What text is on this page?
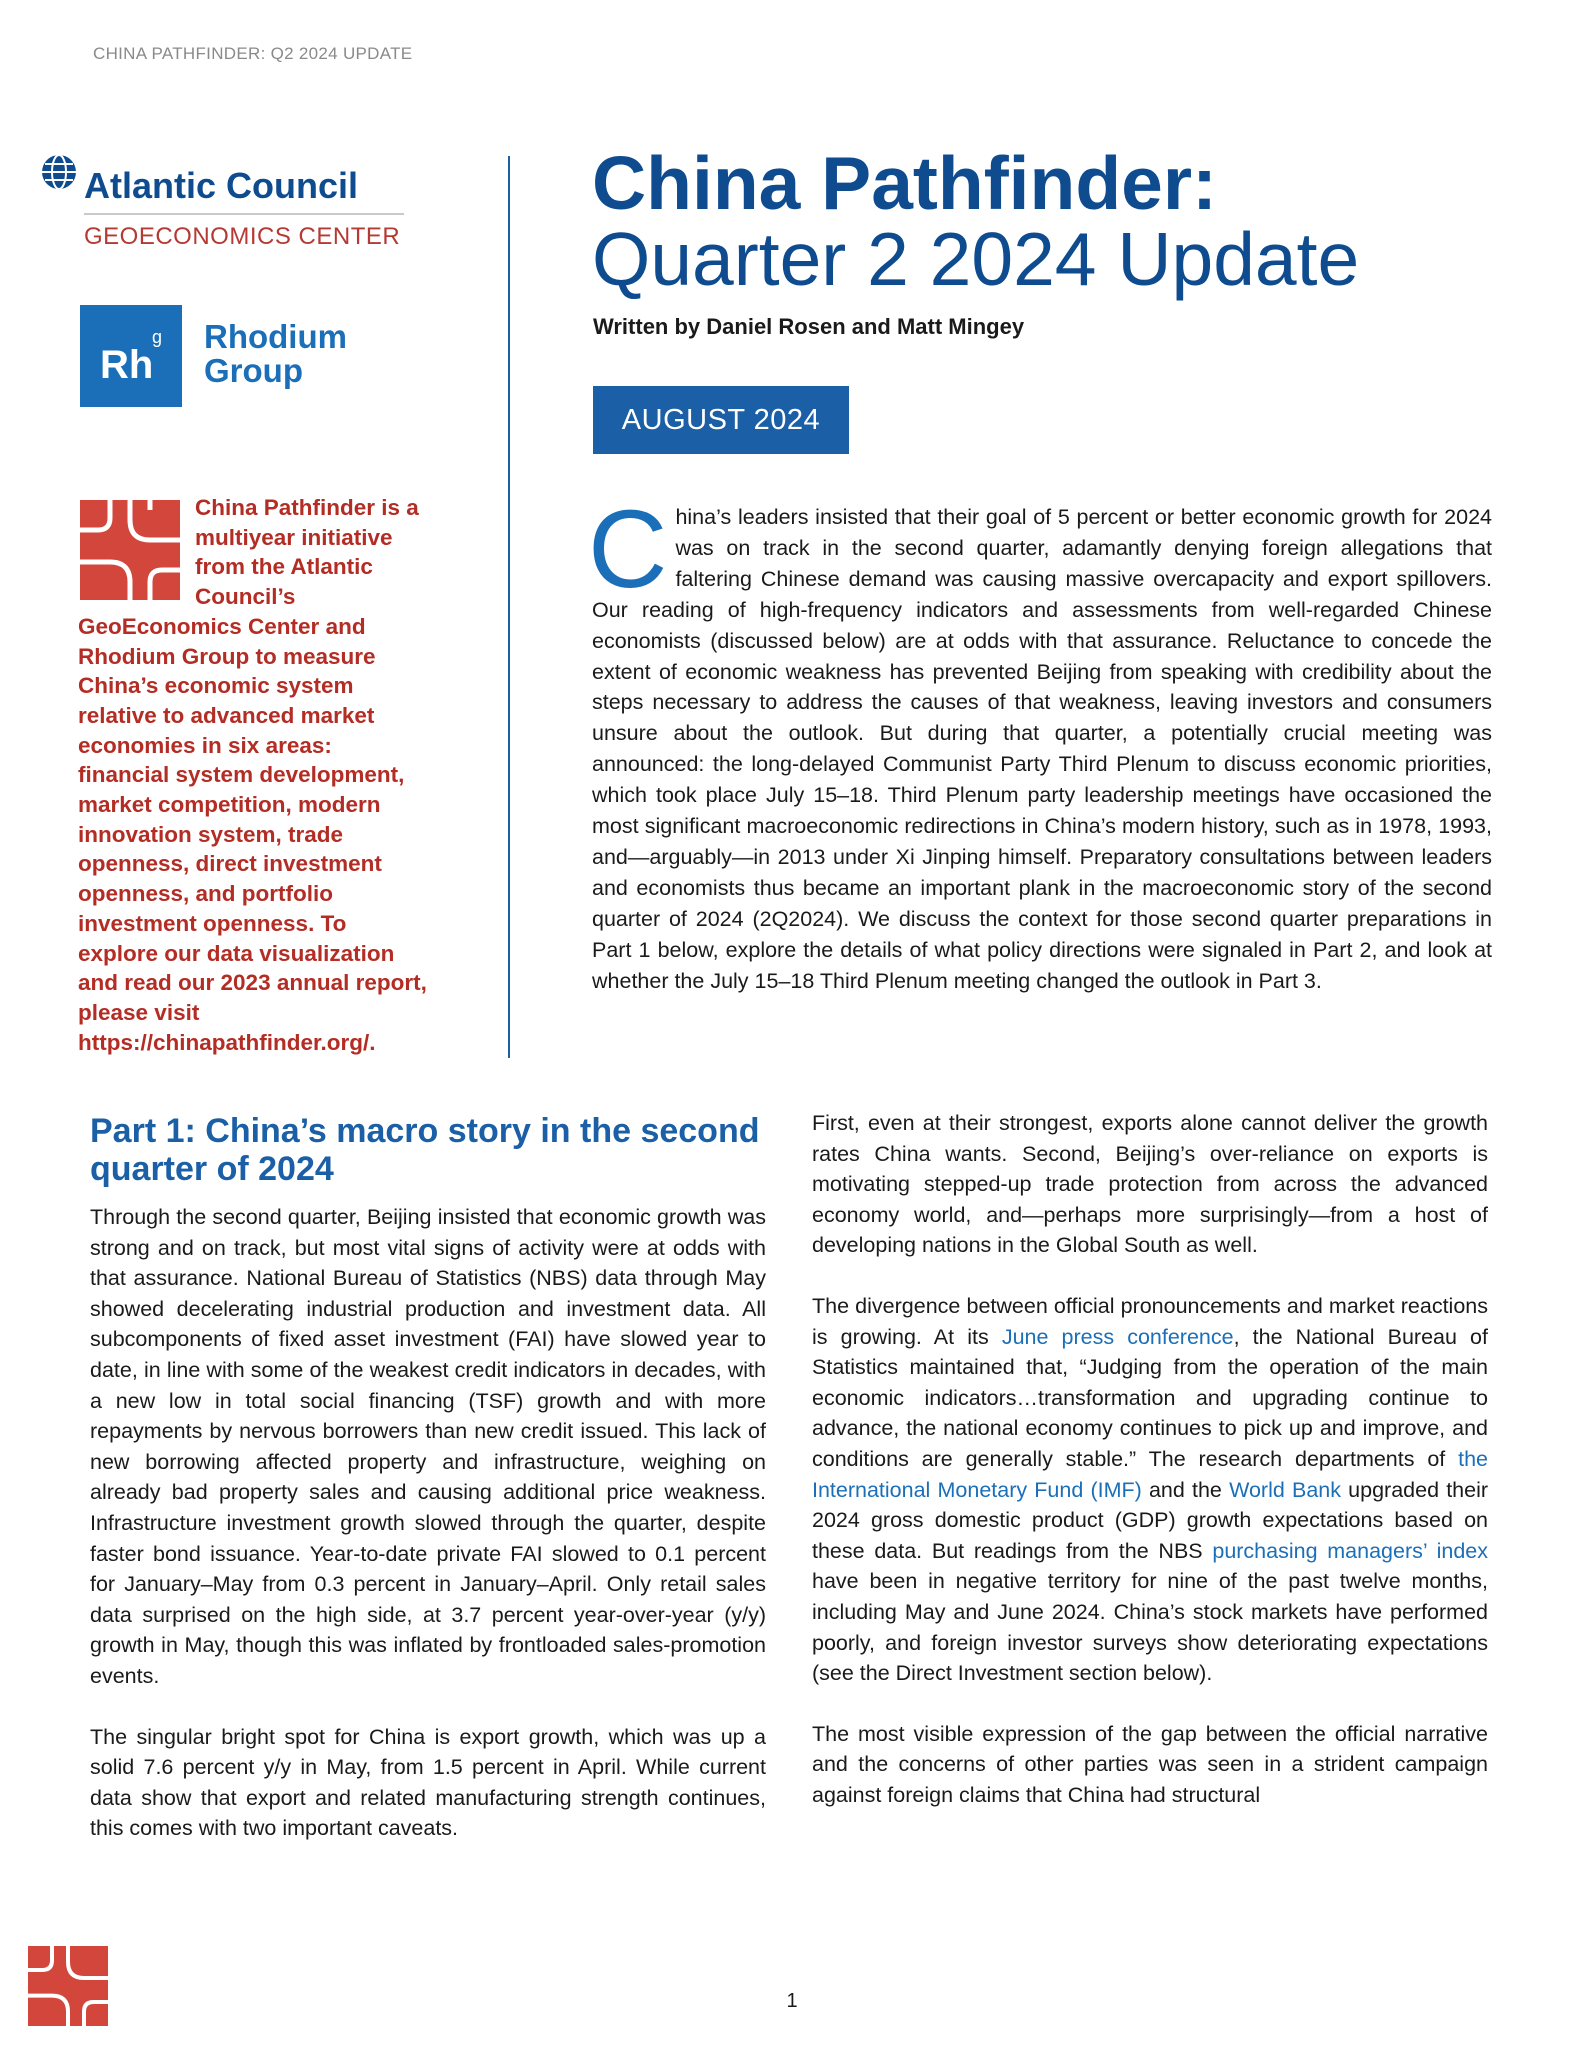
CHINA PATHFINDER: Q2 2024 UPDATE
Atlantic Council
GEOECONOMICS CENTER
Rh
g Rhodium
Group
China Pathfinder is a multiyear initiative from the Atlantic Council’s GeoEconomics Center and Rhodium Group to measure China’s economic system relative to advanced market economies in six areas: financial system development, market competition, modern innovation system, trade openness, direct investment openness, and portfolio investment openness. To explore our data visualization and read our 2023 annual report, please visit https://chinapathfinder.org/.
China Pathfinder:
Quarter 2 2024 Update
Written by Daniel Rosen and Matt Mingey
AUGUST 2024
C hina’s leaders insisted that their goal of 5 percent or better economic growth for 2024 was on track in the second quarter, adamantly denying foreign allegations that faltering Chinese demand was causing massive overcapacity and export spillovers. Our reading of high-frequency indicators and assessments from well-regarded Chinese economists (discussed below) are at odds with that assurance. Reluctance to concede the extent of economic weakness has prevented Beijing from speaking with credibility about the steps necessary to address the causes of that weakness, leaving investors and consumers unsure about the outlook. But during that quarter, a potentially crucial meeting was announced: the long-delayed Communist Party Third Plenum to discuss economic priorities, which took place July 15–18. Third Plenum party leadership meetings have occasioned the most significant macroeconomic redirections in China’s modern history, such as in 1978, 1993, and—arguably—in 2013 under Xi Jinping himself. Preparatory consultations between leaders and economists thus became an important plank in the macroeconomic story of the second quarter of 2024 (2Q2024). We discuss the context for those second quarter preparations in Part 1 below, explore the details of what policy directions were signaled in Part 2, and look at whether the July 15–18 Third Plenum meeting changed the outlook in Part 3.
Part 1: China’s macro story in the second quarter of 2024

Through the second quarter, Beijing insisted that economic growth was strong and on track, but most vital signs of activity were at odds with that assurance. National Bureau of Statistics (NBS) data through May showed decelerating industrial production and investment data. All subcomponents of fixed asset investment (FAI) have slowed year to date, in line with some of the weakest credit indicators in decades, with a new low in total social financing (TSF) growth and with more repayments by nervous borrowers than new credit issued. This lack of new borrowing affected property and infrastructure, weighing on already bad property sales and causing additional price weakness. Infrastructure investment growth slowed through the quarter, despite faster bond issuance. Year-to-date private FAI slowed to 0.1 percent for January–May from 0.3 percent in January–April. Only retail sales data surprised on the high side, at 3.7 percent year-over-year (y/y) growth in May, though this was inflated by frontloaded sales-promotion events.

The singular bright spot for China is export growth, which was up a solid 7.6 percent y/y in May, from 1.5 percent in April. While current data show that export and related manufacturing strength continues, this comes with two important caveats.

First, even at their strongest, exports alone cannot deliver the growth rates China wants. Second, Beijing’s over-reliance on exports is motivating stepped-up trade protection from across the advanced economy world, and—perhaps more surprisingly—from a host of developing nations in the Global South as well.

The divergence between official pronouncements and market reactions is growing. At its June press conference, the National Bureau of Statistics maintained that, “Judging from the operation of the main economic indicators…transformation and upgrading continue to advance, the national economy continues to pick up and improve, and conditions are generally stable.” The research departments of the International Monetary Fund (IMF) and the World Bank upgraded their 2024 gross domestic product (GDP) growth expectations based on these data. But readings from the NBS purchasing managers’ index have been in negative territory for nine of the past twelve months, including May and June 2024. China’s stock markets have performed poorly, and foreign investor surveys show deteriorating expectations (see the Direct Investment section below).

The most visible expression of the gap between the official narrative and the concerns of other parties was seen in a strident campaign against foreign claims that China had structural

1
